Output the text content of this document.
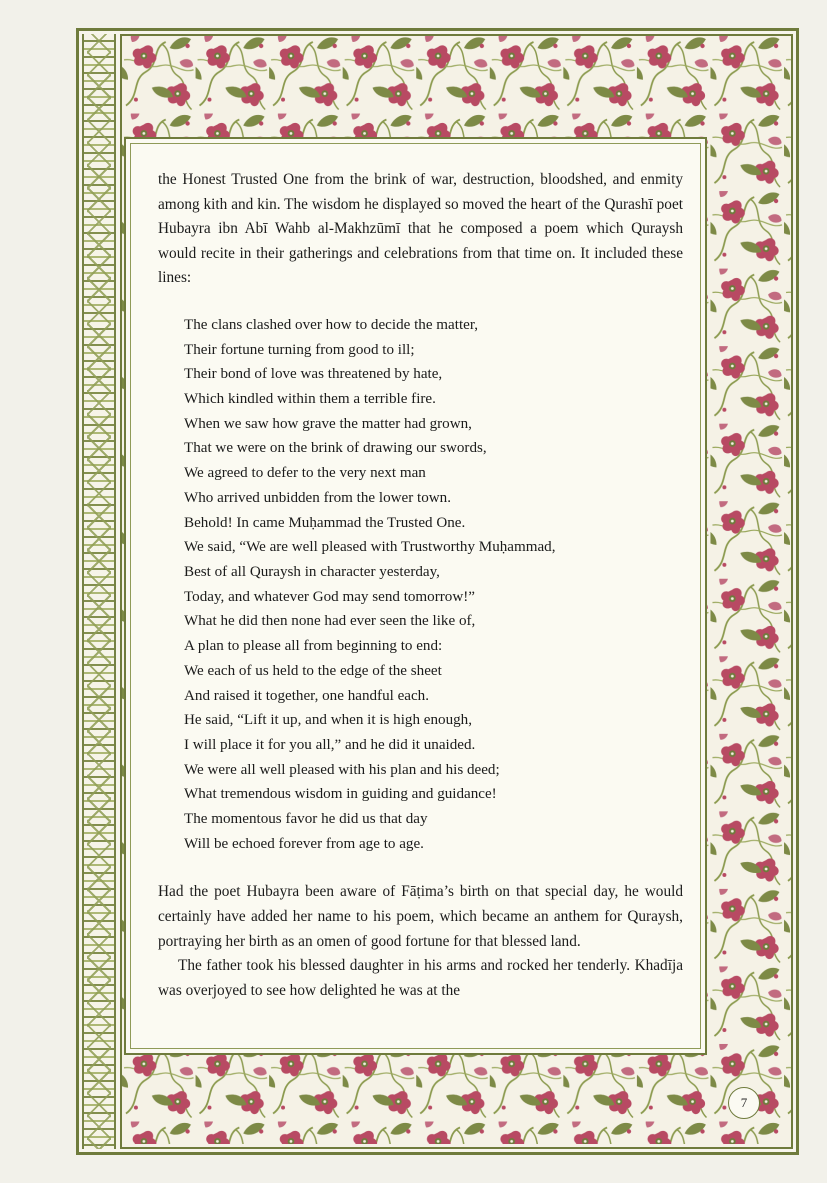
the Honest Trusted One from the brink of war, destruction, bloodshed, and enmity among kith and kin. The wisdom he displayed so moved the heart of the Qurashī poet Hubayra ibn Abī Wahb al-Makhzūmī that he composed a poem which Quraysh would recite in their gatherings and celebrations from that time on. It included these lines:

The clans clashed over how to decide the matter,
Their fortune turning from good to ill;
Their bond of love was threatened by hate,
Which kindled within them a terrible fire.
When we saw how grave the matter had grown,
That we were on the brink of drawing our swords,
We agreed to defer to the very next man
Who arrived unbidden from the lower town.
Behold! In came Muḥammad the Trusted One.
We said, “We are well pleased with Trustworthy Muḥammad,
Best of all Quraysh in character yesterday,
Today, and whatever God may send tomorrow!”
What he did then none had ever seen the like of,
A plan to please all from beginning to end:
We each of us held to the edge of the sheet
And raised it together, one handful each.
He said, “Lift it up, and when it is high enough,
I will place it for you all,” and he did it unaided.
We were all well pleased with his plan and his deed;
What tremendous wisdom in guiding and guidance!
The momentous favor he did us that day
Will be echoed forever from age to age.

Had the poet Hubayra been aware of Fāṭima’s birth on that special day, he would certainly have added her name to his poem, which became an anthem for Quraysh, portraying her birth as an omen of good fortune for that blessed land.

The father took his blessed daughter in his arms and rocked her tenderly. Khadīja was overjoyed to see how delighted he was at the

7
